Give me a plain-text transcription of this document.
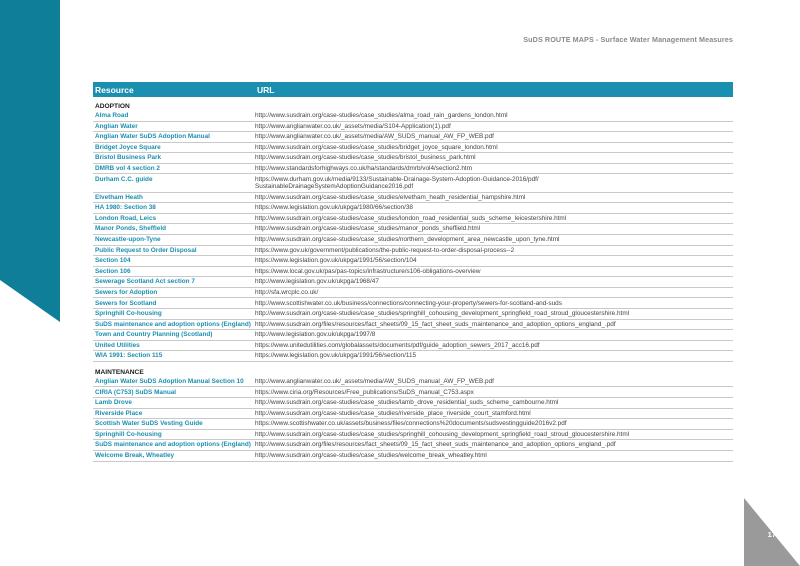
SuDS ROUTE MAPS - Surface Water Management Measures
Resource	URL
ADOPTION
Alma Road	http://www.susdrain.org/case-studies/case_studies/alma_road_rain_gardens_london.html
Anglian Water	http://www.anglianwater.co.uk/_assets/media/S104-Application(1).pdf
Anglian Water SuDS Adoption Manual	http://www.anglianwater.co.uk/_assets/media/AW_SUDS_manual_AW_FP_WEB.pdf
Bridget Joyce Square	http://www.susdrain.org/case-studies/case_studies/bridget_joyce_square_london.html
Bristol Business Park	http://www.susdrain.org/case-studies/case_studies/bristol_business_park.html
DMRB vol 4 section 2	http://www.standardsforhighways.co.uk/ha/standards/dmrb/vol4/section2.htm
Durham C.C. guide	https://www.durham.gov.uk/media/9133/Sustainable-Drainage-System-Adoption-Guidance-2016/pdf/
SustainableDrainageSystemAdoptionGuidance2016.pdf
Elvetham Heath	http://www.susdrain.org/case-studies/case_studies/elvetham_heath_residential_hampshire.html
HA 1980: Section 38	https://www.legislation.gov.uk/ukpga/1980/66/section/38
London Road, Leics	http://www.susdrain.org/case-studies/case_studies/london_road_residential_suds_scheme_leicestershire.html
Manor Ponds, Sheffield	http://www.susdrain.org/case-studies/case_studies/manor_ponds_sheffield.html
Newcastle-upon-Tyne	http://www.susdrain.org/case-studies/case_studies/northern_development_area_newcastle_upon_tyne.html
Public Request to Order Disposal	https://www.gov.uk/government/publications/the-public-request-to-order-disposal-process--2
Section 104	https://www.legislation.gov.uk/ukpga/1991/56/section/104
Section 106	https://www.local.gov.uk/pas/pas-topics/infrastructure/s106-obligations-overview
Sewerage Scotland Act section 7	http://www.legislation.gov.uk/ukpga/1968/47
Sewers for Adoption	http://sfa.wrcplc.co.uk/
Sewers for Scotland	http://www.scottishwater.co.uk/business/connections/connecting-your-property/sewers-for-scotland-and-suds
Springhill Co-housing	http://www.susdrain.org/case-studies/case_studies/springhill_cohousing_development_springfield_road_stroud_gloucestershire.html
SuDS maintenance and adoption options (England) http://www.susdrain.org/files/resources/fact_sheets/09_15_fact_sheet_suds_maintenance_and_adoption_options_england_.pdf
Town and Country Planning (Scotland)	http://www.legislation.gov.uk/ukpga/1997/8
United Utilities	https://www.unitedutilities.com/globalassets/documents/pdf/guide_adoption_sewers_2017_acc16.pdf
WIA 1991: Section 115	https://www.legislation.gov.uk/ukpga/1991/56/section/115
MAINTENANCE
Anglian Water SuDS Adoption Manual Section 10	http://www.anglianwater.co.uk/_assets/media/AW_SUDS_manual_AW_FP_WEB.pdf
CIRIA (C753) SuDS Manual	https://www.ciria.org/Resources/Free_publications/SuDS_manual_C753.aspx
Lamb Drove	http://www.susdrain.org/case-studies/case_studies/lamb_drove_residential_suds_scheme_cambourne.html
Riverside Place	http://www.susdrain.org/case-studies/case_studies/riverside_place_riverside_court_stamford.html
Scottish Water SuDS Vesting Guide	https://www.scottishwater.co.uk/assets/business/files/connections%20documents/sudsvestingguide2016v2.pdf
Springhill Co-housing	http://www.susdrain.org/case-studies/case_studies/springhill_cohousing_development_springfield_road_stroud_gloucestershire.html
SuDS maintenance and adoption options (England) http://www.susdrain.org/files/resources/fact_sheets/09_15_fact_sheet_suds_maintenance_and_adoption_options_england_.pdf
Welcome Break, Wheatley	http://www.susdrain.org/case-studies/case_studies/welcome_break_wheatley.html
17
